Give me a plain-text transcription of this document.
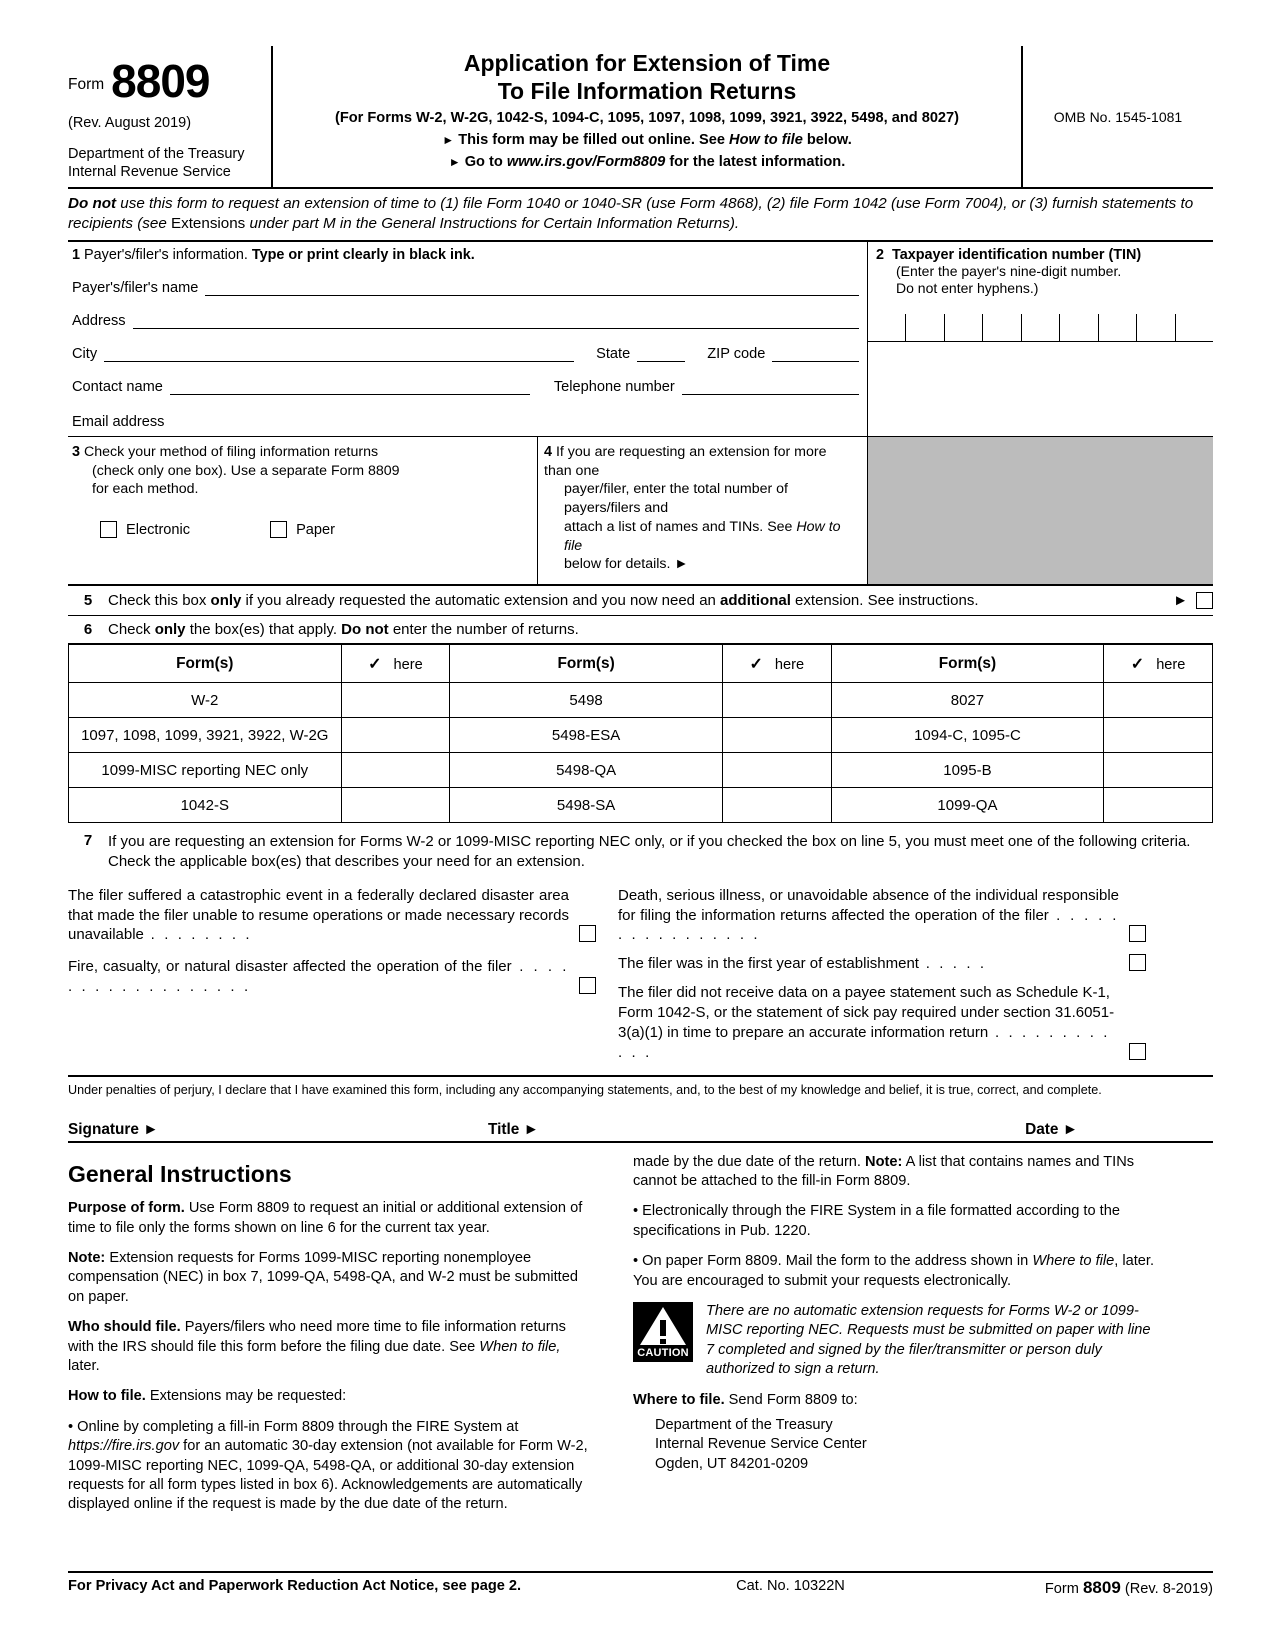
Form 8809
(Rev. August 2019)
Department of the Treasury
Internal Revenue Service
Application for Extension of Time
To File Information Returns
(For Forms W-2, W-2G, 1042-S, 1094-C, 1095, 1097, 1098, 1099, 3921, 3922, 5498, and 8027)
► This form may be filled out online. See How to file below.
► Go to www.irs.gov/Form8809 for the latest information.
OMB No. 1545-1081
Do not use this form to request an extension of time to (1) file Form 1040 or 1040-SR (use Form 4868), (2) file Form 1042 (use Form 7004), or (3) furnish statements to recipients (see Extensions under part M in the General Instructions for Certain Information Returns).
1 Payer's/filer's information. Type or print clearly in black ink.
Payer's/filer's name
Address
City	State	ZIP code
Contact name	Telephone number
Email address
2 Taxpayer identification number (TIN)
(Enter the payer's nine-digit number.
Do not enter hyphens.)
3 Check your method of filing information returns
(check only one box). Use a separate Form 8809
for each method.
Electronic	Paper
4 If you are requesting an extension for more than one
payer/filer, enter the total number of payers/filers and
attach a list of names and TINs. See How to file
below for details. ►
5	Check this box only if you already requested the automatic extension and you now need an additional extension. See instructions.	►
6	Check only the box(es) that apply. Do not enter the number of returns.
Form(s)	✓ here	Form(s)	✓ here	Form(s)	✓ here
W-2		5498		8027	
1097, 1098, 1099, 3921, 3922, W-2G		5498-ESA		1094-C, 1095-C	
1099-MISC reporting NEC only		5498-QA		1095-B	
1042-S		5498-SA		1099-QA	
7	If you are requesting an extension for Forms W-2 or 1099-MISC reporting NEC only, or if you checked the box on line 5, you must meet one of the following criteria. Check the applicable box(es) that describes your need for an extension.
The filer suffered a catastrophic event in a federally declared disaster area that made the filer unable to resume operations or made necessary records unavailable . . . . . . . .
Fire, casualty, or natural disaster affected the operation of the filer . . . . . . . . . . . . . . . . . .
Death, serious illness, or unavoidable absence of the individual responsible for filing the information returns affected the operation of the filer . . . . . . . . . . . . . . . .
The filer was in the first year of establishment . . . . .
The filer did not receive data on a payee statement such as Schedule K-1, Form 1042-S, or the statement of sick pay required under section 31.6051-3(a)(1) in time to prepare an accurate information return . . . . . . . . . . . .
Under penalties of perjury, I declare that I have examined this form, including any accompanying statements, and, to the best of my knowledge and belief, it is true, correct, and complete.
Signature ►	Title ►	Date ►
General Instructions
Purpose of form. Use Form 8809 to request an initial or additional extension of time to file only the forms shown on line 6 for the current tax year.
Note: Extension requests for Forms 1099-MISC reporting nonemployee compensation (NEC) in box 7, 1099-QA, 5498-QA, and W-2 must be submitted on paper.
Who should file. Payers/filers who need more time to file information returns with the IRS should file this form before the filing due date. See When to file, later.
How to file. Extensions may be requested:
• Online by completing a fill-in Form 8809 through the FIRE System at https://fire.irs.gov for an automatic 30-day extension (not available for Form W-2, 1099-MISC reporting NEC, 1099-QA, 5498-QA, or additional 30-day extension requests for all form types listed in box 6). Acknowledgements are automatically displayed online if the request is made by the due date of the return.
made by the due date of the return. Note: A list that contains names and TINs cannot be attached to the fill-in Form 8809.
• Electronically through the FIRE System in a file formatted according to the specifications in Pub. 1220.
• On paper Form 8809. Mail the form to the address shown in Where to file, later. You are encouraged to submit your requests electronically.
CAUTION
There are no automatic extension requests for Forms W-2 or 1099-MISC reporting NEC. Requests must be submitted on paper with line 7 completed and signed by the filer/transmitter or person duly authorized to sign a return.
Where to file. Send Form 8809 to:
Department of the Treasury
Internal Revenue Service Center
Ogden, UT 84201-0209
For Privacy Act and Paperwork Reduction Act Notice, see page 2.	Cat. No. 10322N	Form 8809 (Rev. 8-2019)
